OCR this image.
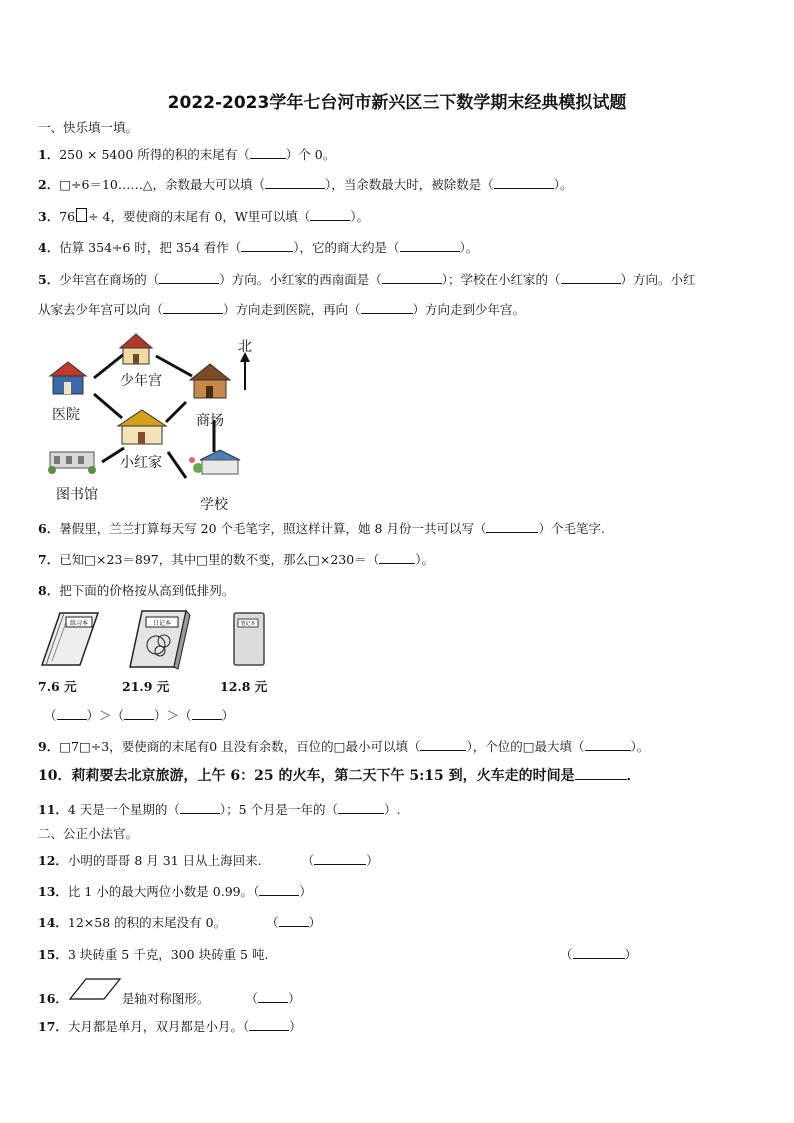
2022-2023学年七台河市新兴区三下数学期末经典模拟试题
一、快乐填一填。
1．250 × 5400 所得的积的末尾有（	）个 0。
2．□÷6＝10……△，余数最大可以填（	），当余数最大时，被除数是（	）。
3．76 ÷ 4，要使商的末尾有 0，W里可以填（	）。
4．估算 354÷6 时，把 354 看作（	），它的商大约是（	）。
5．少年宫在商场的（	）方向。小红家的西南面是（	）；学校在小红家的（	）方向。小红
从家去少年宫可以向（	）方向走到医院，再向（	）方向走到少年宫。
北
少年宫
医院	商场
小红家
图书馆
学校
6．暑假里，兰兰打算每天写 20 个毛笔字，照这样计算，她 8 月份一共可以写（	）个毛笔字.
7．已知□×23＝897，其中□里的数不变，那么□×230＝（	）。
8．把下面的价格按从高到低排列。
练习本	日记本	笔记本
7.6 元	21.9 元	12.8 元
（ ）＞（ ）＞（ ）
9．□7□÷3，要使商的末尾有0 且没有余数，百位的□最小可以填（	），个位的□最大填（	）。
10．莉莉要去北京旅游，上午 6：25 的火车，第二天下午 5:15 到，火车走的时间是	．
11．4 天是一个星期的（	）；5 个月是一年的（	）.
二、公正小法官。
12．小明的哥哥 8 月 31 日从上海回来.	（	）
13．比 1 小的最大两位小数是 0.99。（	）
14．12×58 的积的末尾没有 0。	（ ）
15．3 块砖重 5 千克，300 块砖重 5 吨.	（	）
16．	是轴对称图形。	（ ）
17．大月都是单月，双月都是小月。（	）
